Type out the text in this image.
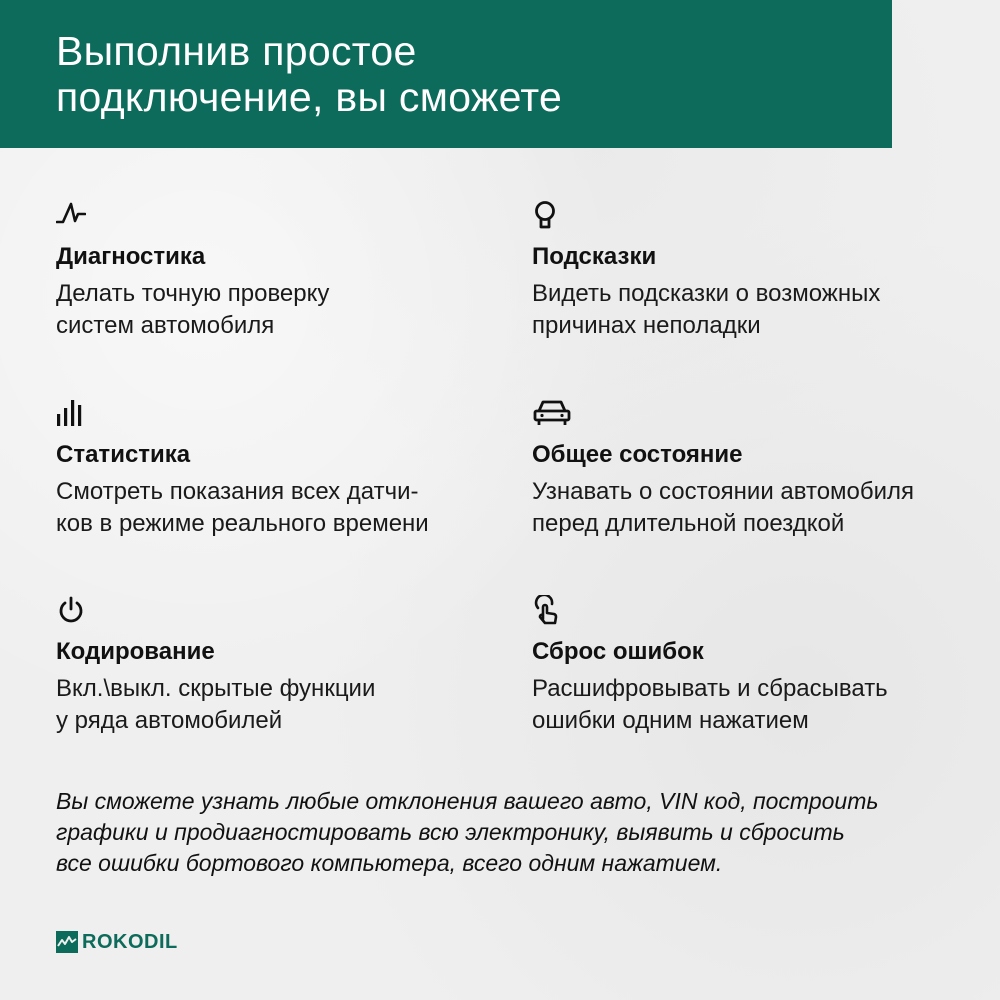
Выполнив простое
подключение, вы сможете
Диагностика
Делать точную проверку
систем автомобиля
Подсказки
Видеть подсказки о возможных
причинах неполадки
Статистика
Смотреть показания всех датчи-
ков в режиме реального времени
Общее состояние
Узнавать о состоянии автомобиля
перед длительной поездкой
Кодирование
Вкл.\выкл. скрытые функции
у ряда автомобилей
Сброс ошибок
Расшифровывать и сбрасывать
ошибки одним нажатием
Вы сможете узнать любые отклонения вашего авто, VIN код, построить
графики и продиагностировать всю электронику, выявить и сбросить
все ошибки бортового компьютера, всего одним нажатием.
ROKODIL
